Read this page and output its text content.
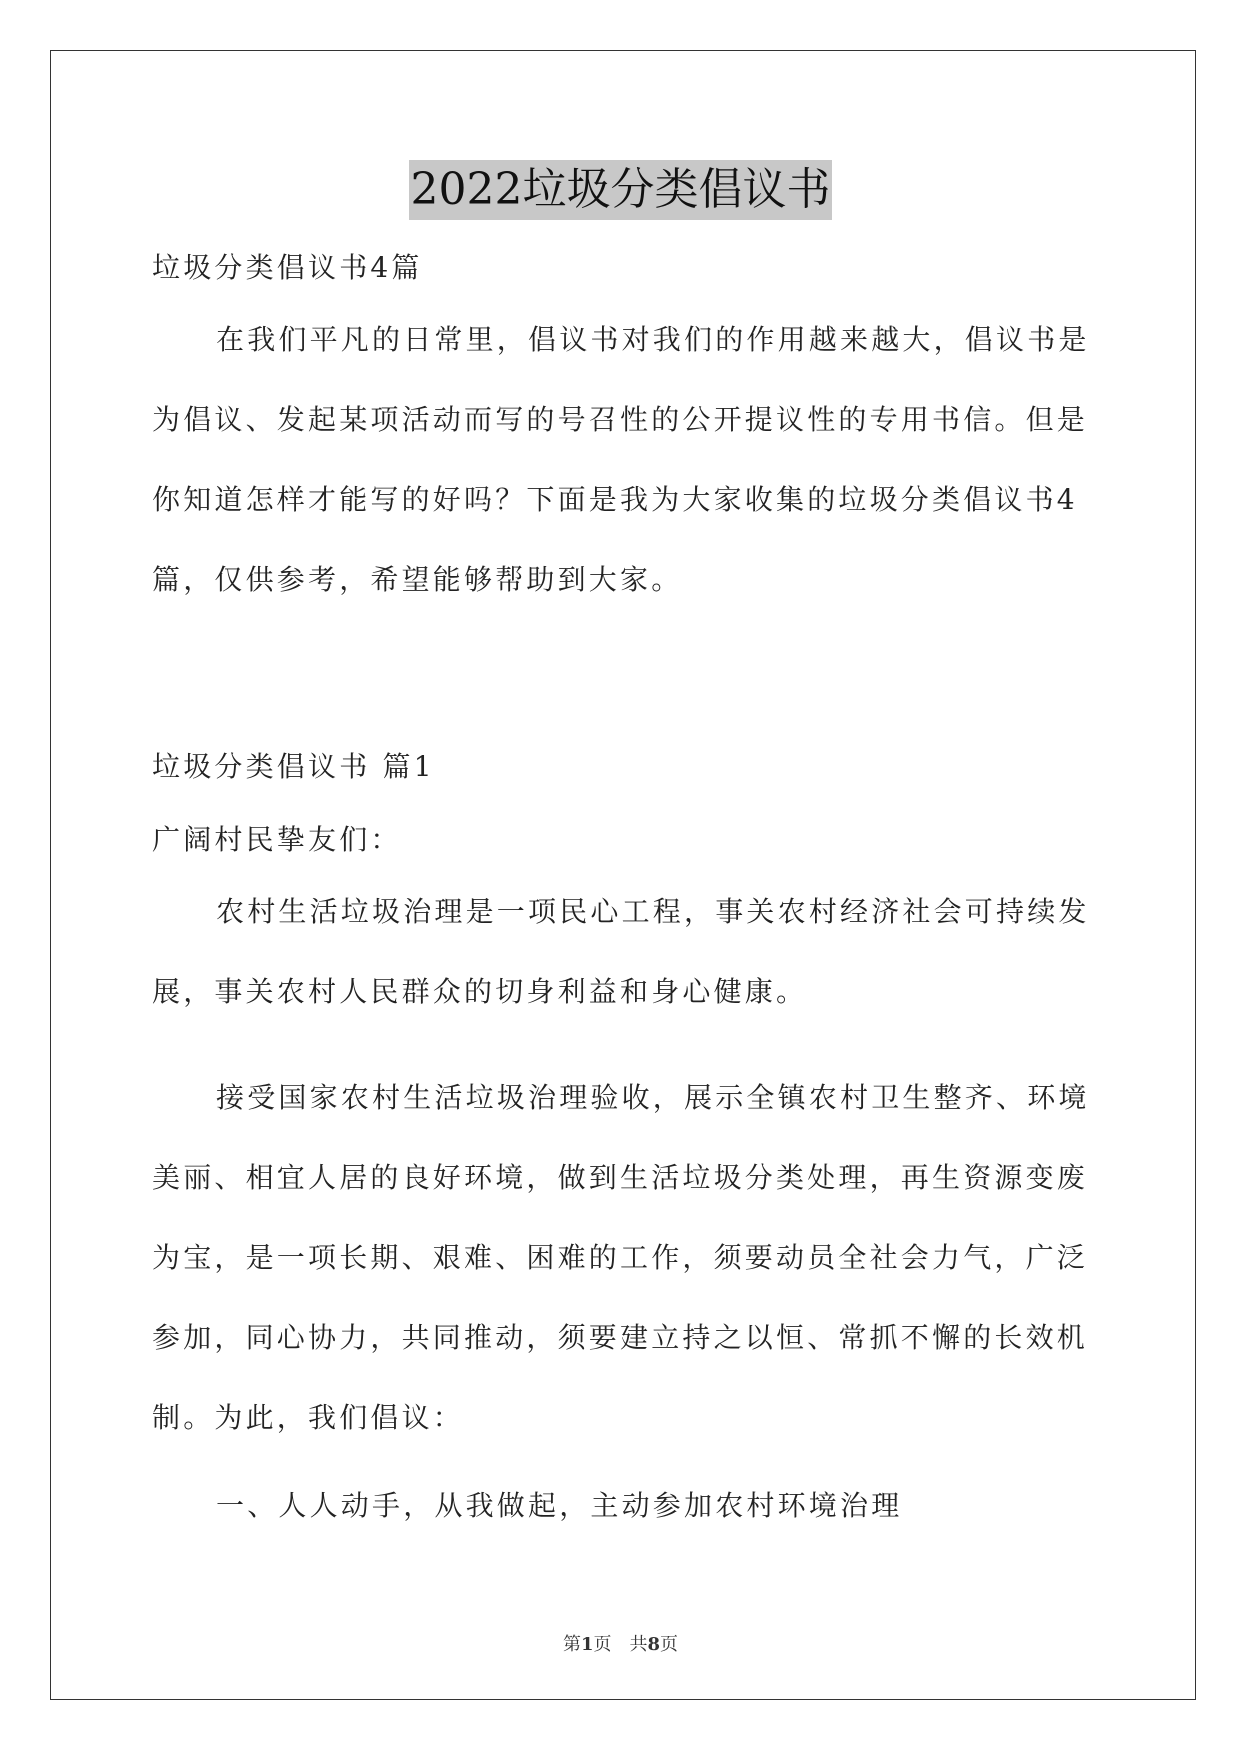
2022垃圾分类倡议书

垃圾分类倡议书4篇

在我们平凡的日常里，倡议书对我们的作用越来越大，倡议书是为倡议、发起某项活动而写的号召性的公开提议性的专用书信。但是你知道怎样才能写的好吗？下面是我为大家收集的垃圾分类倡议书4篇，仅供参考，希望能够帮助到大家。

垃圾分类倡议书 篇1

广阔村民挚友们：

农村生活垃圾治理是一项民心工程，事关农村经济社会可持续发展，事关农村人民群众的切身利益和身心健康。

接受国家农村生活垃圾治理验收，展示全镇农村卫生整齐、环境美丽、相宜人居的良好环境，做到生活垃圾分类处理，再生资源变废为宝，是一项长期、艰难、困难的工作，须要动员全社会力气，广泛参加，同心协力，共同推动，须要建立持之以恒、常抓不懈的长效机制。为此，我们倡议：

一、人人动手，从我做起，主动参加农村环境治理

第1页　共8页
